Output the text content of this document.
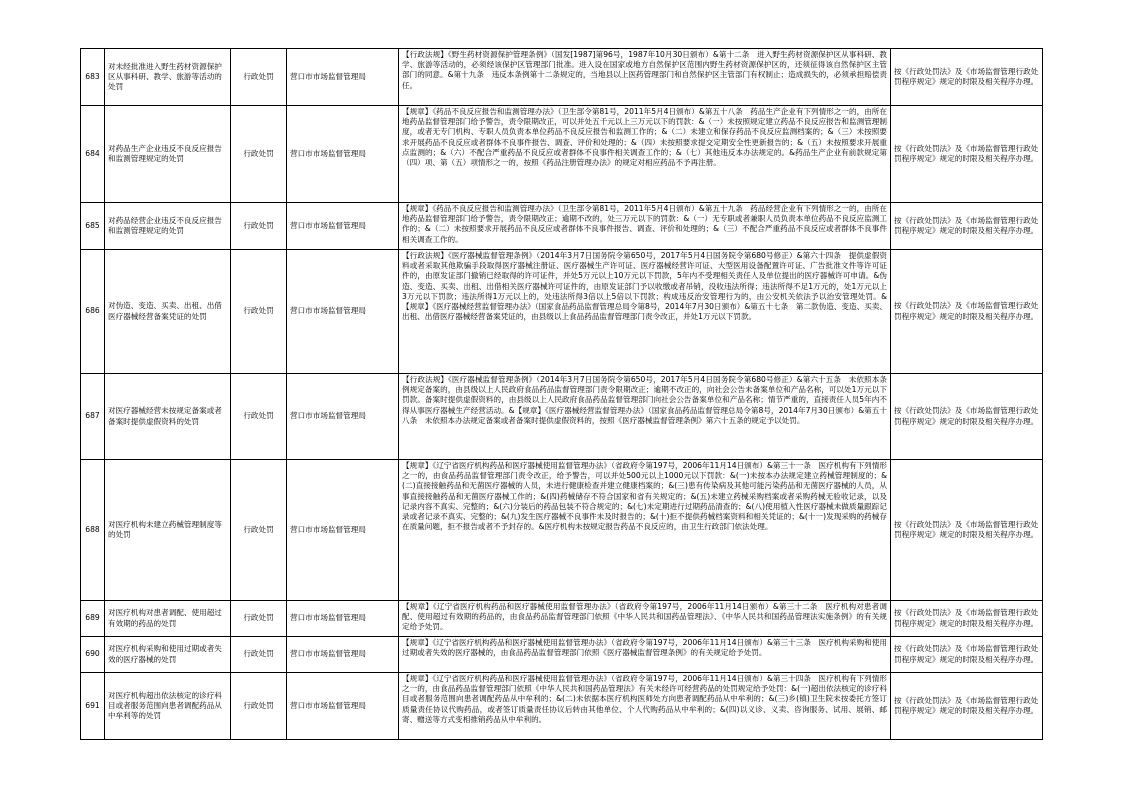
683	对未经批准进入野生药材资源保护区从事科研、教学、旅游等活动的处罚	行政处罚	营口市市场监督管理局	【行政法规】《野生药材资源保护管理条例》（国发[1987]第96号，1987年10月30日颁布）&第十二条　进入野生药材资源保护区从事科研、教学、旅游等活动的，必须经该保护区管理部门批准。进入设在国家或地方自然保护区范围内野生药材资源保护区的，还须征得该自然保护区主管部门的同意。&第十九条　违反本条例第十二条规定的，当地县以上医药管理部门和自然保护区主管部门有权制止；造成损失的，必须承担赔偿责任。	按《行政处罚法》及《市场监督管理行政处罚程序规定》规定的时限及相关程序办理。
684	对药品生产企业违反不良反应报告和监测管理规定的处罚	行政处罚	营口市市场监督管理局	【规章】《药品不良反应报告和监测管理办法》（卫生部令第81号，2011年5月4日颁布）&第五十八条　药品生产企业有下列情形之一的，由所在地药品监督管理部门给予警告，责令限期改正，可以并处五千元以上三万元以下的罚款：&（一）未按照规定建立药品不良反应报告和监测管理制度，或者无专门机构、专职人员负责本单位药品不良反应报告和监测工作的；&（二）未建立和保存药品不良反应监测档案的；&（三）未按照要求开展药品不良反应或者群体不良事件报告、调查、评价和处理的；&（四）未按照要求提交定期安全性更新报告的；&（五）未按照要求开展重点监测的；&（六）不配合严重药品不良反应或者群体不良事件相关调查工作的；&（七）其他违反本办法规定的。&药品生产企业有前款规定第（四）项、第（五）项情形之一的，按照《药品注册管理办法》的规定对相应药品不予再注册。	按《行政处罚法》及《市场监督管理行政处罚程序规定》规定的时限及相关程序办理。
685	对药品经营企业违反不良反应报告和监测管理规定的处罚	行政处罚	营口市市场监督管理局	【规章】《药品不良反应报告和监测管理办法》（卫生部令第81号，2011年5月4日颁布）&第五十九条　药品经营企业有下列情形之一的，由所在地药品监督管理部门给予警告，责令限期改正；逾期不改的，处三万元以下的罚款：&（一）无专职或者兼职人员负责本单位药品不良反应监测工作的；&（二）未按照要求开展药品不良反应或者群体不良事件报告、调查、评价和处理的；&（三）不配合严重药品不良反应或者群体不良事件相关调查工作的。	按《行政处罚法》及《市场监督管理行政处罚程序规定》规定的时限及相关程序办理。
686	对伪造、变造、买卖、出租、出借医疗器械经营备案凭证的处罚	行政处罚	营口市市场监督管理局	【行政法规】《医疗器械监督管理条例》（2014年3月7日国务院令第650号，2017年5月4日国务院令第680号修正）&第六十四条　提供虚假资料或者采取其他欺骗手段取得医疗器械注册证、医疗器械生产许可证、医疗器械经营许可证、大型医用设备配置许可证、广告批准文件等许可证件的，由原发证部门撤销已经取得的许可证件，并处5万元以上10万元以下罚款，5年内不受理相关责任人及单位提出的医疗器械许可申请。&伪造、变造、买卖、出租、出借相关医疗器械许可证件的，由原发证部门予以收缴或者吊销，没收违法所得；违法所得不足1万元的，处1万元以上3万元以下罚款；违法所得1万元以上的，处违法所得3倍以上5倍以下罚款；构成违反治安管理行为的，由公安机关依法予以治安管理处罚。&【规章】《医疗器械经营监督管理办法》（国家食品药品监督管理总局令第8号，2014年7月30日颁布）&第五十七条　第二款伪造、变造、买卖、出租、出借医疗器械经营备案凭证的，由县级以上食品药品监督管理部门责令改正，并处1万元以下罚款。	按《行政处罚法》及《市场监督管理行政处罚程序规定》规定的时限及相关程序办理。
687	对医疗器械经营未按规定备案或者备案时提供虚假资料的处罚	行政处罚	营口市市场监督管理局	【行政法规】《医疗器械监督管理条例》（2014年3月7日国务院令第650号，2017年5月4日国务院令第680号修正）&第六十五条　未依照本条例规定备案的，由县级以上人民政府食品药品监督管理部门责令限期改正；逾期不改正的，向社会公告未备案单位和产品名称，可以处1万元以下罚款。备案时提供虚假资料的，由县级以上人民政府食品药品监督管理部门向社会公告备案单位和产品名称；情节严重的，直接责任人员5年内不得从事医疗器械生产经营活动。&【规章】《医疗器械经营监督管理办法》（国家食品药品监督管理总局令第8号，2014年7月30日颁布）&第五十八条　未依照本办法规定备案或者备案时提供虚假资料的，按照《医疗器械监督管理条例》第六十五条的规定予以处罚。	按《行政处罚法》及《市场监督管理行政处罚程序规定》规定的时限及相关程序办理。
688	对医疗机构未建立药械管理制度等的处罚	行政处罚	营口市市场监督管理局	【规章】《辽宁省医疗机构药品和医疗器械使用监督管理办法》（省政府令第197号，2006年11月14日颁布）&第三十一条　医疗机构有下列情形之一的，由食品药品监督管理部门责令改正，给予警告，可以并处500元以上1000元以下罚款：&(一)未按本办法规定建立药械管理制度的；&(二)直接接触药品和无菌医疗器械的人员，未进行健康检查并建立健康档案的；&(三)患有传染病及其他可能污染药品和无菌医疗器械的人员，从事直接接触药品和无菌医疗器械工作的；&(四)药械储存不符合国家和省有关规定的；&(五)未建立药械采购档案或者采购药械无验收记录，以及记录内容不真实、完整的；&(六)分装后的药品包装不符合规定的；&(七)未定期进行过期药品清查的；&(八)使用植入性医疗器械未做质量跟踪记录或者记录不真实、完整的；&(九)发生医疗器械不良事件未及时报告的；&(十)拒不提供药械档案资料和相关凭证的；&(十一)发现采购的药械存在质量问题，拒不报告或者不予封存的。&医疗机构未按规定报告药品不良反应的，由卫生行政部门依法处理。	按《行政处罚法》及《市场监督管理行政处罚程序规定》规定的时限及相关程序办理。
689	对医疗机构对患者调配、使用超过有效期的药品的处罚	行政处罚	营口市市场监督管理局	【规章】《辽宁省医疗机构药品和医疗器械使用监督管理办法》（省政府令第197号，2006年11月14日颁布）&第三十二条　医疗机构对患者调配、使用超过有效期的药品的，由食品药品监督管理部门依照《中华人民共和国药品管理法》、《中华人民共和国药品管理法实施条例》的有关规定给予处罚。	按《行政处罚法》及《市场监督管理行政处罚程序规定》规定的时限及相关程序办理。
690	对医疗机构采购和使用过期或者失效的医疗器械的处罚	行政处罚	营口市市场监督管理局	【规章】《辽宁省医疗机构药品和医疗器械使用监督管理办法》（省政府令第197号，2006年11月14日颁布）&第三十三条　医疗机构采购和使用过期或者失效的医疗器械的，由食品药品监督管理部门依照《医疗器械监督管理条例》的有关规定给予处罚。	按《行政处罚法》及《市场监督管理行政处罚程序规定》规定的时限及相关程序办理。
691	对医疗机构超出依法核定的诊疗科目或者服务范围向患者调配药品从中牟利等的处罚	行政处罚	营口市市场监督管理局	【规章】《辽宁省医疗机构药品和医疗器械使用监督管理办法》（省政府令第197号，2006年11月14日颁布）&第三十四条　医疗机构有下列情形之一的，由食品药品监督管理部门依照《中华人民共和国药品管理法》有关未经许可经营药品的处罚规定给予处罚：&(一)超出依法核定的诊疗科目或者服务范围向患者调配药品从中牟利的；&(二)未依据本医疗机构医师处方向患者调配药品从中牟利的；&(三)乡(镇)卫生院未按委托方签订质量责任协议代购药品，或者签订质量责任协议后转由其他单位、个人代购药品从中牟利的；&(四)以义诊、义卖、咨询服务、试用、展销、邮寄、赠送等方式变相推销药品从中牟利的。	按《行政处罚法》及《市场监督管理行政处罚程序规定》规定的时限及相关程序办理。
